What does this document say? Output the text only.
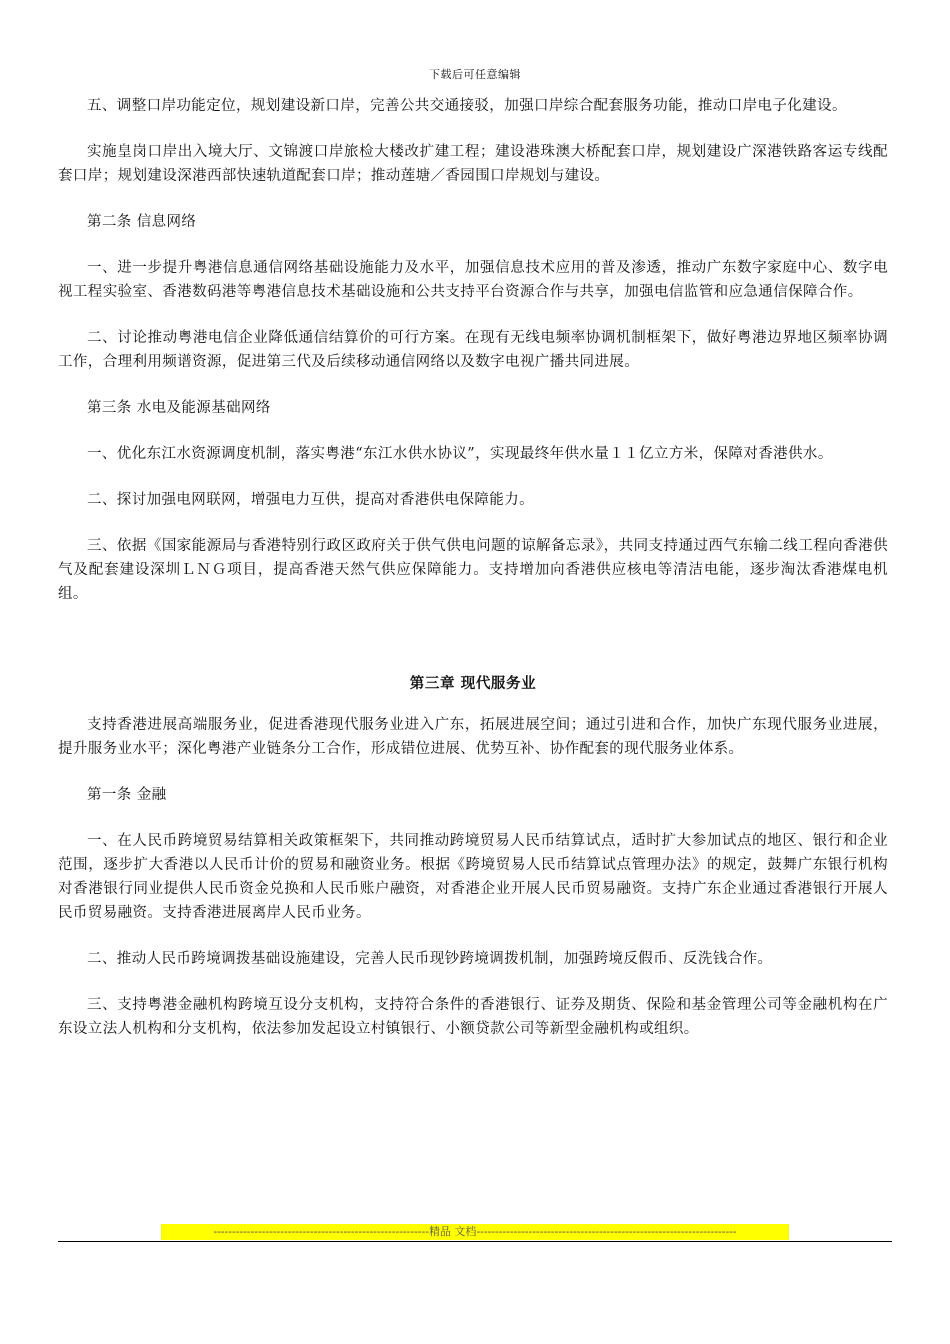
下载后可任意编辑

五、调整口岸功能定位，规划建设新口岸，完善公共交通接驳，加强口岸综合配套服务功能，推动口岸电子化建设。

实施皇岗口岸出入境大厅、文锦渡口岸旅检大楼改扩建工程；建设港珠澳大桥配套口岸，规划建设广深港铁路客运专线配套口岸；规划建设深港西部快速轨道配套口岸；推动莲塘／香园围口岸规划与建设。

第二条 信息网络

一、进一步提升粤港信息通信网络基础设施能力及水平，加强信息技术应用的普及渗透，推动广东数字家庭中心、数字电视工程实验室、香港数码港等粤港信息技术基础设施和公共支持平台资源合作与共享，加强电信监管和应急通信保障合作。

二、讨论推动粤港电信企业降低通信结算价的可行方案。在现有无线电频率协调机制框架下，做好粤港边界地区频率协调工作，合理利用频谱资源，促进第三代及后续移动通信网络以及数字电视广播共同进展。

第三条 水电及能源基础网络

一、优化东江水资源调度机制，落实粤港“东江水供水协议”，实现最终年供水量１１亿立方米，保障对香港供水。

二、探讨加强电网联网，增强电力互供，提高对香港供电保障能力。

三、依据《国家能源局与香港特别行政区政府关于供气供电问题的谅解备忘录》，共同支持通过西气东输二线工程向香港供气及配套建设深圳ＬＮＧ项目，提高香港天然气供应保障能力。支持增加向香港供应核电等清洁电能，逐步淘汰香港煤电机组。

第三章 现代服务业

支持香港进展高端服务业，促进香港现代服务业进入广东，拓展进展空间；通过引进和合作，加快广东现代服务业进展，提升服务业水平；深化粤港产业链条分工合作，形成错位进展、优势互补、协作配套的现代服务业体系。

第一条 金融

一、在人民币跨境贸易结算相关政策框架下，共同推动跨境贸易人民币结算试点，适时扩大参加试点的地区、银行和企业范围，逐步扩大香港以人民币计价的贸易和融资业务。根据《跨境贸易人民币结算试点管理办法》的规定，鼓舞广东银行机构对香港银行同业提供人民币资金兑换和人民币账户融资，对香港企业开展人民币贸易融资。支持广东企业通过香港银行开展人民币贸易融资。支持香港进展离岸人民币业务。

二、推动人民币跨境调拨基础设施建设，完善人民币现钞跨境调拨机制，加强跨境反假币、反洗钱合作。

三、支持粤港金融机构跨境互设分支机构，支持符合条件的香港银行、证券及期货、保险和基金管理公司等金融机构在广东设立法人机构和分支机构，依法参加发起设立村镇银行、小额贷款公司等新型金融机构或组织。

----------------------------------------------------------精品 文档----------------------------------------------------------------------
